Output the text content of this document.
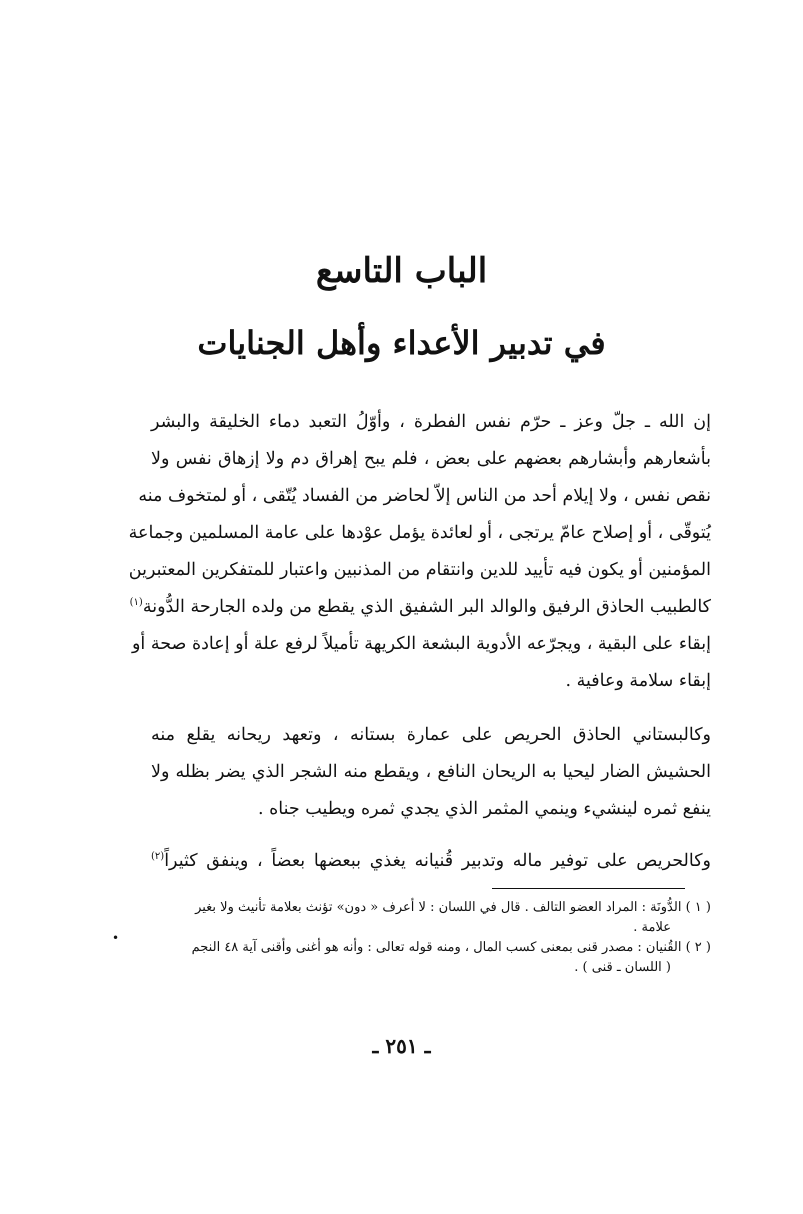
الباب التاسع
في تدبير الأعداء وأهل الجنايات

إن الله ـ جلّ وعز ـ حرّم نفس الفطرة ، وأوّلُ التعبد دماء الخليقة والبشر
بأشعارهم وأبشارهم بعضهم على بعض ، فلم يبح إهراق دم ولا إزهاق نفس ولا
نقص نفس ، ولا إيلام أحد من الناس إلاّ لحاضر من الفساد يُتّقى ، أو لمتخوف منه
يُتوقّى ، أو إصلاح عامّ يرتجى ، أو لعائدة يؤمل عوْدها على عامة المسلمين وجماعة
المؤمنين أو يكون فيه تأييد للدين وانتقام من المذنبين واعتبار للمتفكرين المعتبرين
كالطبيب الحاذق الرفيق والوالد البر الشفيق الذي يقطع من ولده الجارحة الدُّونة$^{(١)}$
إبقاء على البقية ، ويجرّعه الأدوية البشعة الكريهة تأميلاً لرفع علة أو إعادة صحة أو
إبقاء سلامة وعافية .

وكالبستاني الحاذق الحريص على عمارة بستانه ، وتعهد ريحانه يقلع منه
الحشيش الضار ليحيا به الريحان النافع ، ويقطع منه الشجر الذي يضر بظله ولا
ينفع ثمره لينشيء وينمي المثمر الذي يجدي ثمره ويطيب جناه .

وكالحريص على توفير ماله وتدبير قُنيانه يغذي ببعضها بعضاً ، وينفق كثيراً$^{(٢)}$

( ١ ) الدُّونَة : المراد العضو التالف . قال في اللسان : لا أعرف « دون» تؤنث بعلامة تأنيث ولا بغير
علامة .
( ٢ ) القُنيان : مصدر قنى بمعنى كسب المال ، ومنه قوله تعالى : وأنه هو أغنى وأقنى آية ٤٨ النجم
( اللسان ـ قنى ) .
•
ـ ٢٥١ ـ
